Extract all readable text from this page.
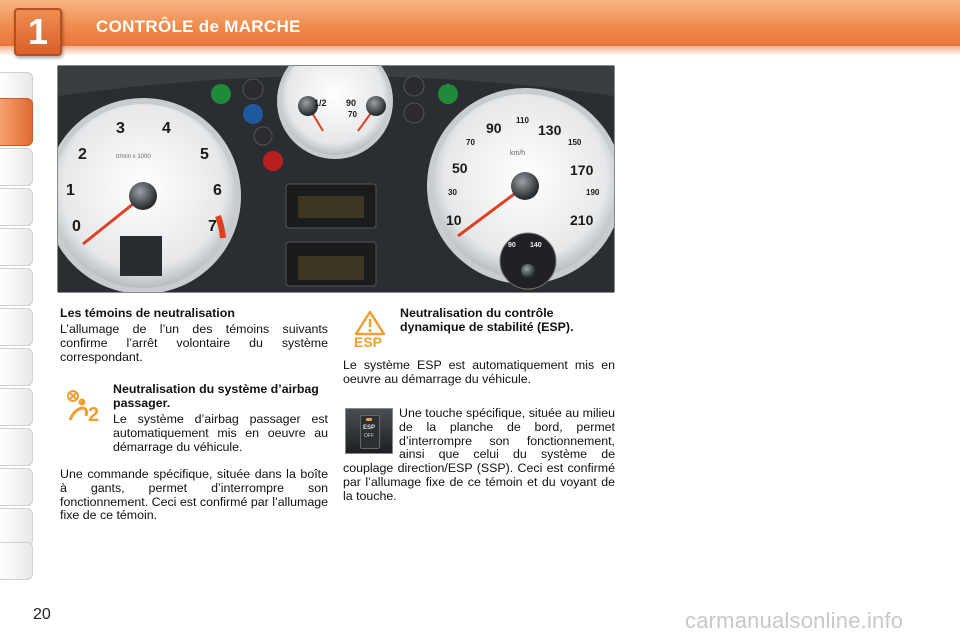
1	CONTRÔLE de MARCHE
0
1
2
3 4
5
6
7
tr/min x 1000
10
30
50
70
90 110
130
150
170
190
210
km/h
90 140
1/2 90
70
Les témoins de neutralisation
L’allumage de l’un des témoins suivants confirme l’arrêt volontaire du système correspondant.
2
Neutralisation du système d’airbag passager.
Le système d’airbag passager est automatiquement mis en oeuvre au démarrage du véhicule.
Une commande spécifique, située dans la boîte à gants, permet d’interrompre son fonctionnement. Ceci est confirmé par l’allumage fixe de ce témoin.
ESP
Neutralisation du contrôle dynamique de stabilité (ESP).
Le système ESP est automatiquement mis en oeuvre au démarrage du véhicule.
ESP
OFF
Une touche spécifique, située au milieu de la planche de bord, permet d’interrompre son fonctionnement, ainsi que celui du système de couplage direction/ESP (SSP). Ceci est confirmé par l’allumage fixe de ce témoin et du voyant de la touche.
20	carmanualsonline.info
